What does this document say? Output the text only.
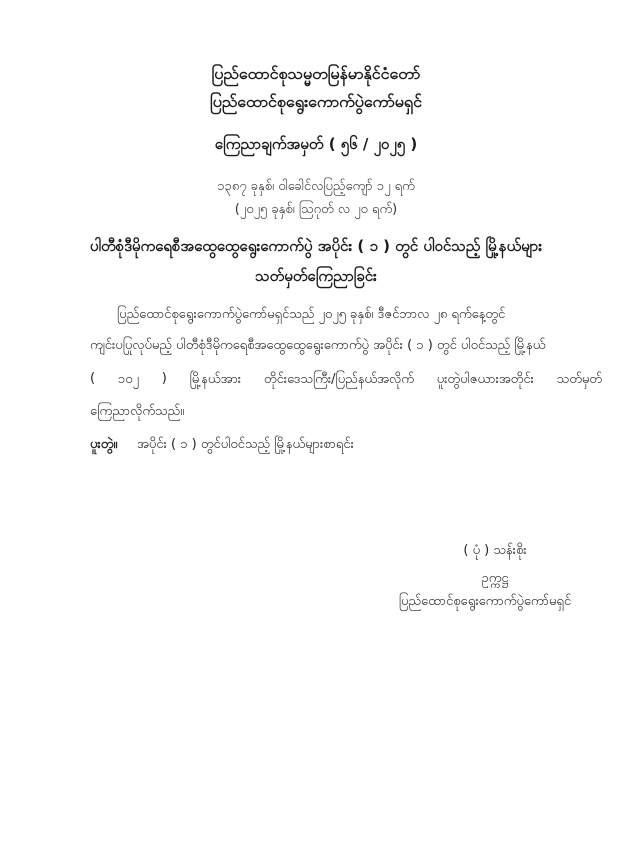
ပြည်ထောင်စုသမ္မတမြန်မာနိုင်ငံတော်
ပြည်ထောင်စုရွေးကောက်ပွဲကော်မရှင်
ကြေညာချက်အမှတ် ( ၅၆ / ၂၀၂၅ )
၁၃၈၇ ခုနှစ်၊ ဝါခေါင်လပြည့်ကျော် ၁၂ ရက်
(၂၀၂၅ ခုနှစ်၊ ဩဂုတ် လ ၂၀ ရက်)
ပါတီစုံဒီမိုကရေစီအထွေထွေရွေးကောက်ပွဲ အပိုင်း ( ၁ ) တွင် ပါဝင်သည့် မြို့နယ်များ
သတ်မှတ်ကြေညာခြင်း
ပြည်ထောင်စုရွေးကောက်ပွဲကော်မရှင်သည် ၂၀၂၅ ခုနှစ်၊ ဒီဇင်ဘာလ ၂၈ ရက်နေ့တွင်
ကျင်းပပြုလုပ်မည့် ပါတီစုံဒီမိုကရေစီအထွေထွေရွေးကောက်ပွဲ အပိုင်း ( ၁ ) တွင် ပါဝင်သည့် မြို့နယ်
( ၁၀၂ ) မြို့နယ်အား တိုင်းဒေသကြီး/ပြည်နယ်အလိုက် ပူးတွဲပါဇယားအတိုင်း သတ်မှတ်
ကြေညာလိုက်သည်။
ပူးတွဲ။ အပိုင်း ( ၁ ) တွင်ပါဝင်သည့် မြို့နယ်များစာရင်း
( ပုံ ) သန်းစိုး
ဥက္ကဋ္ဌ
ပြည်ထောင်စုရွေးကောက်ပွဲကော်မရှင်
